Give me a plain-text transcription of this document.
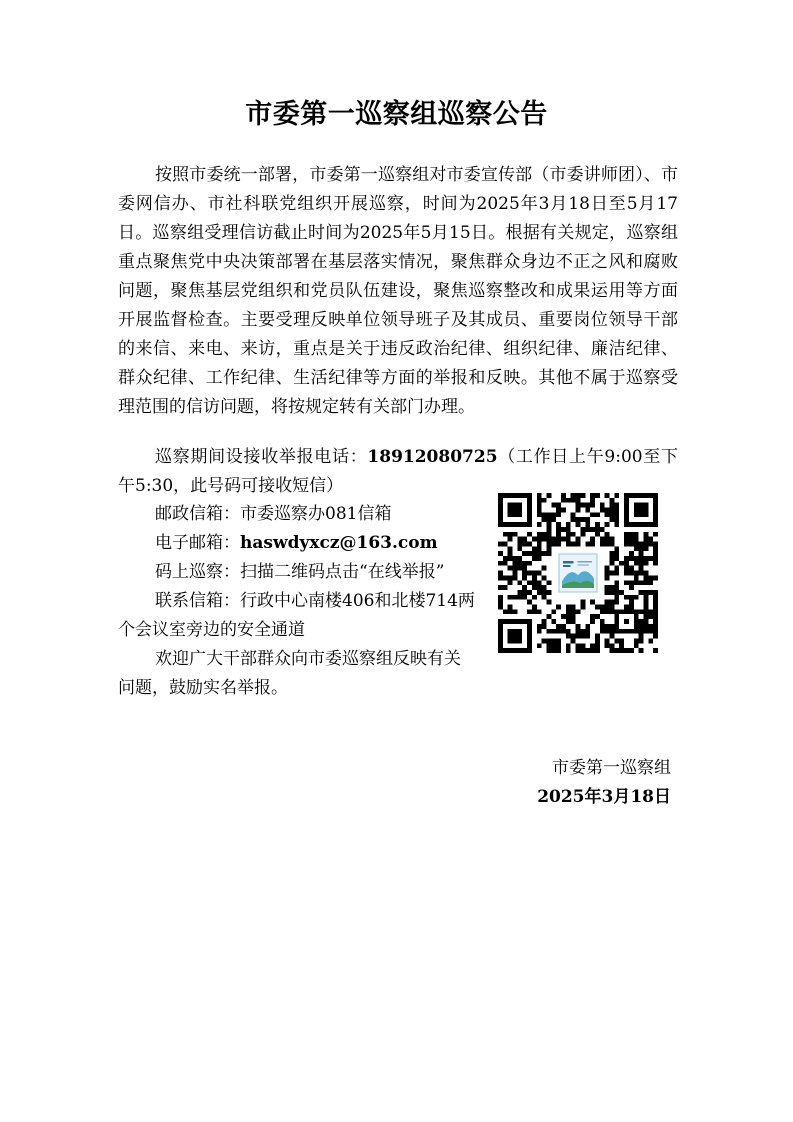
市委第一巡察组巡察公告
按照市委统一部署，市委第一巡察组对市委宣传部（市委讲师团）、市委网信办、市社科联党组织开展巡察，时间为2025年3月18日至5月17日。巡察组受理信访截止时间为2025年5月15日。根据有关规定，巡察组重点聚焦党中央决策部署在基层落实情况，聚焦群众身边不正之风和腐败问题，聚焦基层党组织和党员队伍建设，聚焦巡察整改和成果运用等方面开展监督检查。主要受理反映单位领导班子及其成员、重要岗位领导干部的来信、来电、来访，重点是关于违反政治纪律、组织纪律、廉洁纪律、群众纪律、工作纪律、生活纪律等方面的举报和反映。其他不属于巡察受理范围的信访问题，将按规定转有关部门办理。
巡察期间设接收举报电话：18912080725（工作日上午9:00至下午5:30，此号码可接收短信）

邮政信箱：市委巡察办081信箱

电子邮箱：haswdyxcz@163.com

码上巡察：扫描二维码点击“在线举报”

联系信箱：行政中心南楼406和北楼714两个会议室旁边的安全通道

欢迎广大干部群众向市委巡察组反映有关问题，鼓励实名举报。

市委第一巡察组
2025年3月18日
